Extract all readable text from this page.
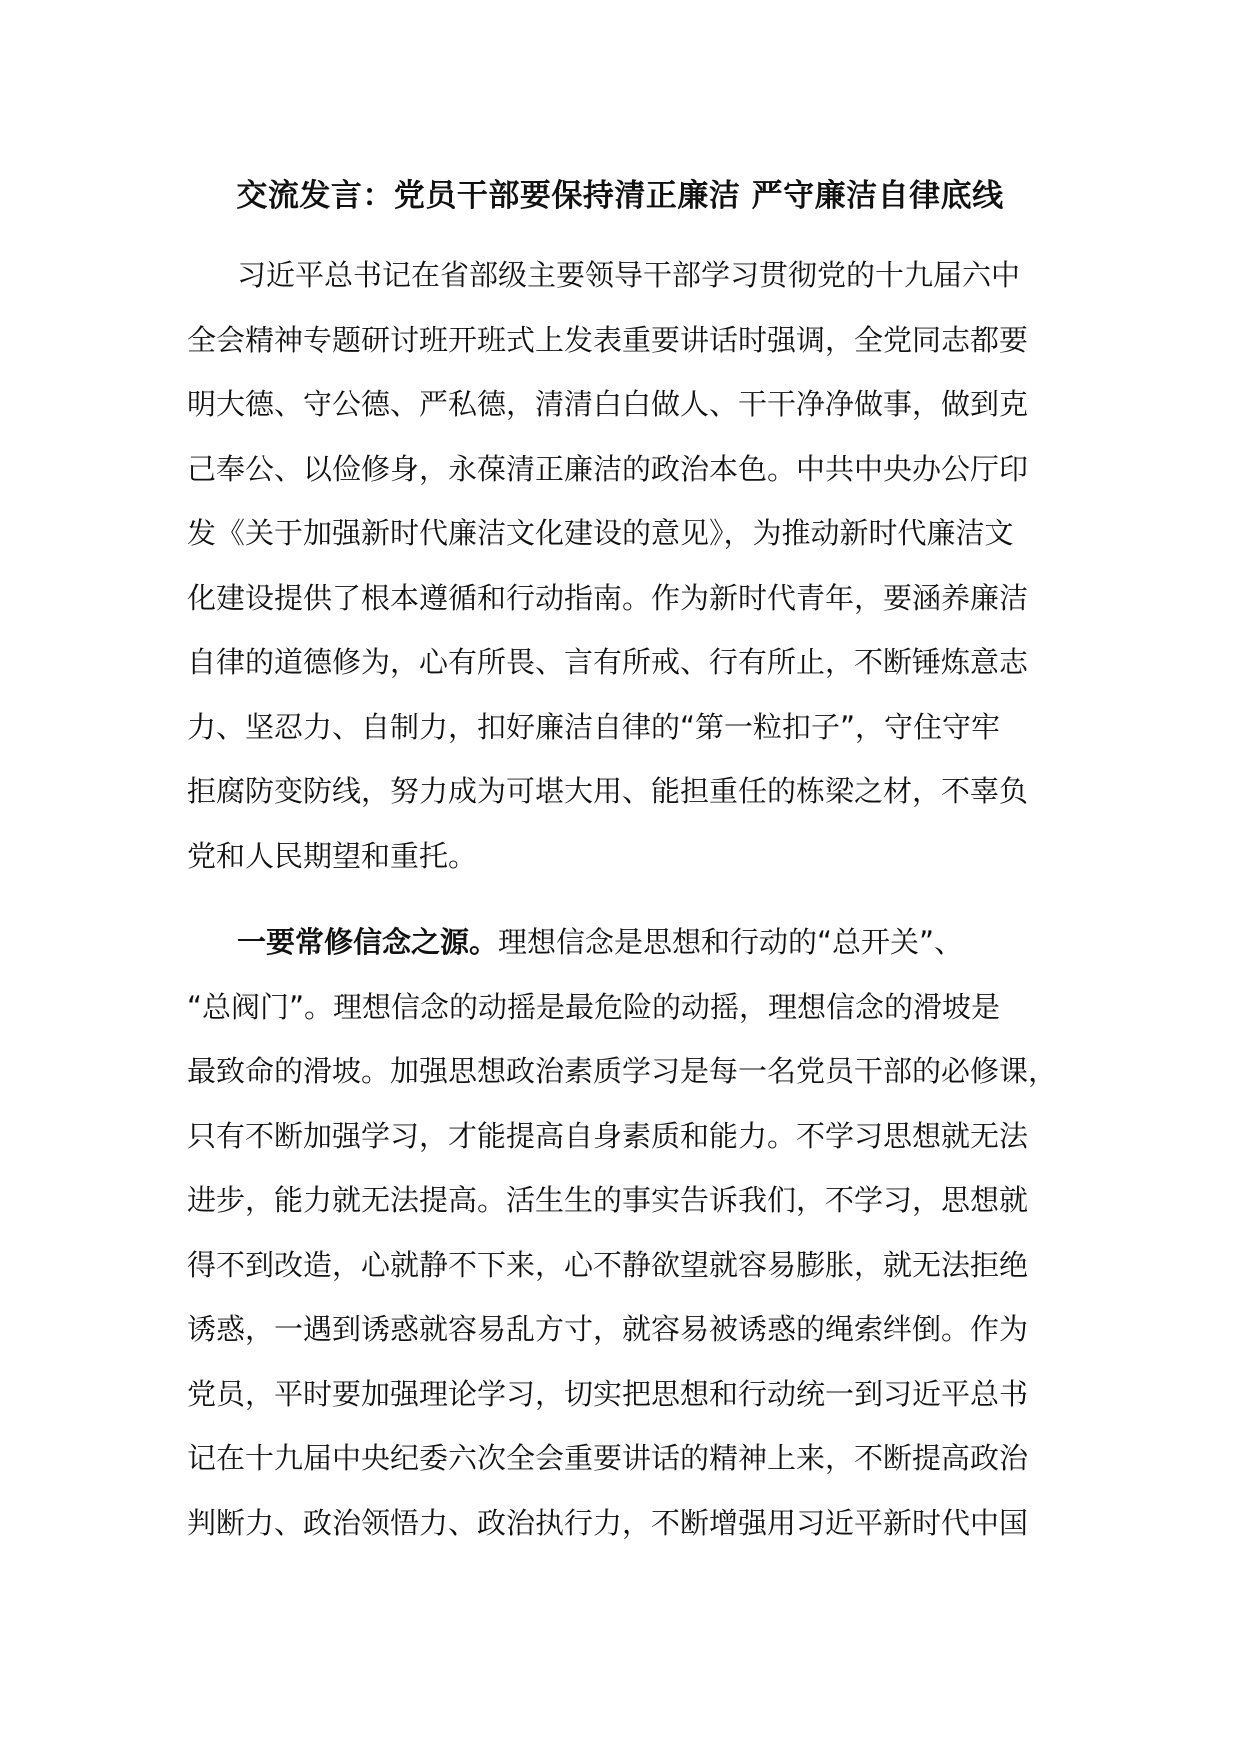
交流发言：党员干部要保持清正廉洁 严守廉洁自律底线
习近平总书记在省部级主要领导干部学习贯彻党的十九届六中
全会精神专题研讨班开班式上发表重要讲话时强调，全党同志都要
明大德、守公德、严私德，清清白白做人、干干净净做事，做到克
己奉公、以俭修身，永葆清正廉洁的政治本色。中共中央办公厅印
发《关于加强新时代廉洁文化建设的意见》，为推动新时代廉洁文
化建设提供了根本遵循和行动指南。作为新时代青年，要涵养廉洁
自律的道德修为，心有所畏、言有所戒、行有所止，不断锤炼意志
力、坚忍力、自制力，扣好廉洁自律的“第一粒扣子”，守住守牢
拒腐防变防线，努力成为可堪大用、能担重任的栋梁之材，不辜负
党和人民期望和重托。
一要常修信念之源。理想信念是思想和行动的“总开关”、
“总阀门”。理想信念的动摇是最危险的动摇，理想信念的滑坡是
最致命的滑坡。加强思想政治素质学习是每一名党员干部的必修课，
只有不断加强学习，才能提高自身素质和能力。不学习思想就无法
进步，能力就无法提高。活生生的事实告诉我们，不学习，思想就
得不到改造，心就静不下来，心不静欲望就容易膨胀，就无法拒绝
诱惑，一遇到诱惑就容易乱方寸，就容易被诱惑的绳索绊倒。作为
党员，平时要加强理论学习，切实把思想和行动统一到习近平总书
记在十九届中央纪委六次全会重要讲话的精神上来，不断提高政治
判断力、政治领悟力、政治执行力，不断增强用习近平新时代中国
